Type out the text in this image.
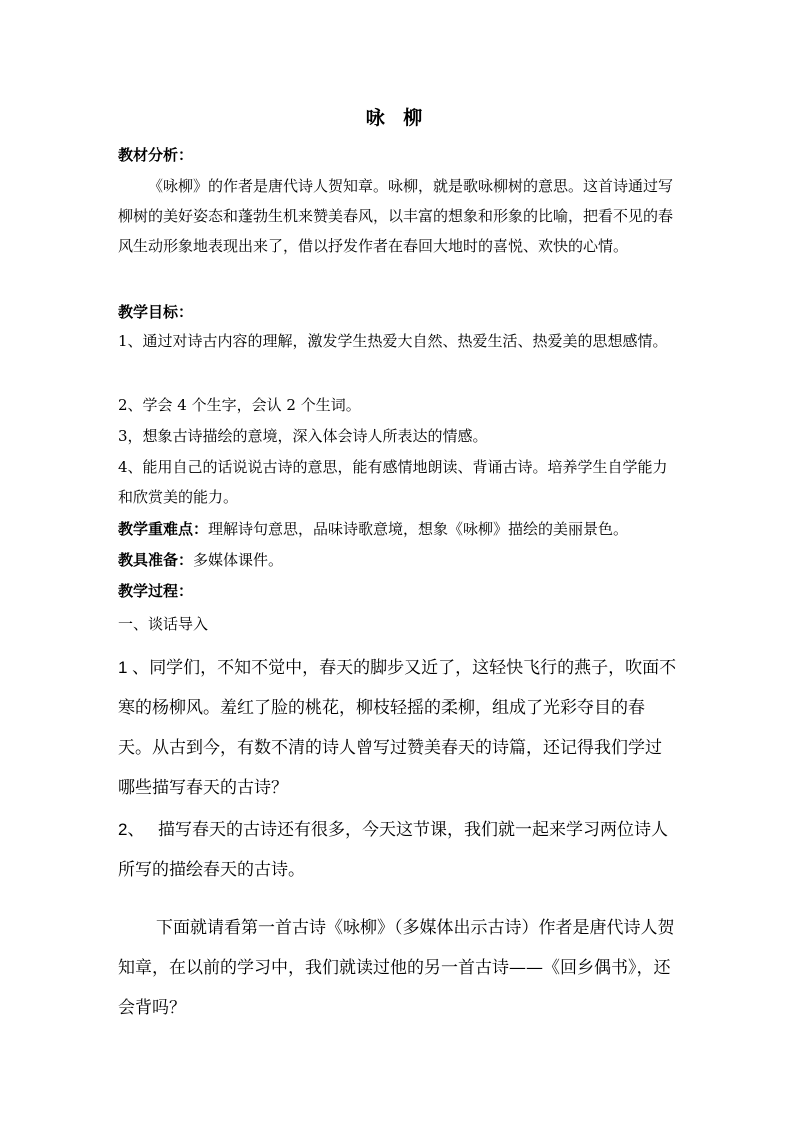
咏 柳
教材分析：
《咏柳》的作者是唐代诗人贺知章。咏柳，就是歌咏柳树的意思。这首诗通过写柳树的美好姿态和蓬勃生机来赞美春风，以丰富的想象和形象的比喻，把看不见的春风生动形象地表现出来了，借以抒发作者在春回大地时的喜悦、欢快的心情。
教学目标：
1、通过对诗古内容的理解，激发学生热爱大自然、热爱生活、热爱美的思想感情。
2、学会 4 个生字，会认 2 个生词。
3，想象古诗描绘的意境，深入体会诗人所表达的情感。
4、能用自己的话说说古诗的意思，能有感情地朗读、背诵古诗。培养学生自学能力和欣赏美的能力。
教学重难点：理解诗句意思，品味诗歌意境，想象《咏柳》描绘的美丽景色。
教具准备：多媒体课件。
教学过程：
一、谈话导入
1 、同学们，不知不觉中，春天的脚步又近了，这轻快飞行的燕子，吹面不寒的杨柳风。羞红了脸的桃花，柳枝轻摇的柔柳，组成了光彩夺目的春天。从古到今，有数不清的诗人曾写过赞美春天的诗篇，还记得我们学过哪些描写春天的古诗？
2、 描写春天的古诗还有很多，今天这节课，我们就一起来学习两位诗人所写的描绘春天的古诗。
下面就请看第一首古诗《咏柳》（多媒体出示古诗）作者是唐代诗人贺知章，在以前的学习中，我们就读过他的另一首古诗——《回乡偶书》，还会背吗？
